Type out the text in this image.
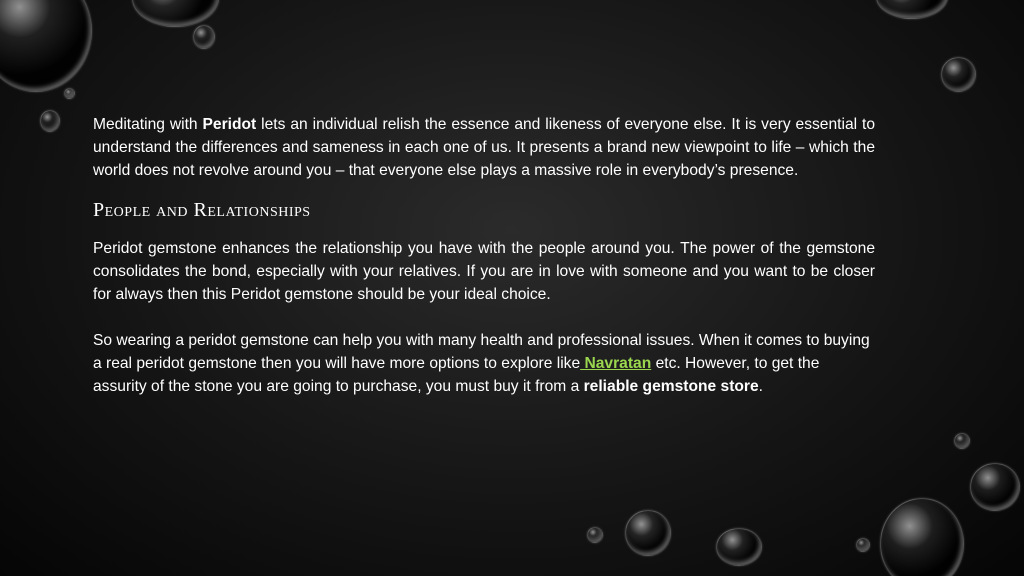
Meditating with Peridot lets an individual relish the essence and likeness of everyone else. It is very essential to understand the differences and sameness in each one of us. It presents a brand new viewpoint to life – which the world does not revolve around you – that everyone else plays a massive role in everybody’s presence.

People and Relationships

Peridot gemstone enhances the relationship you have with the people around you. The power of the gemstone consolidates the bond, especially with your relatives. If you are in love with someone and you want to be closer for always then this Peridot gemstone should be your ideal choice.

So wearing a peridot gemstone can help you with many health and professional issues. When it comes to buying a real peridot gemstone then you will have more options to explore like Navratan etc. However, to get the assurity of the stone you are going to purchase, you must buy it from a reliable gemstone store.
